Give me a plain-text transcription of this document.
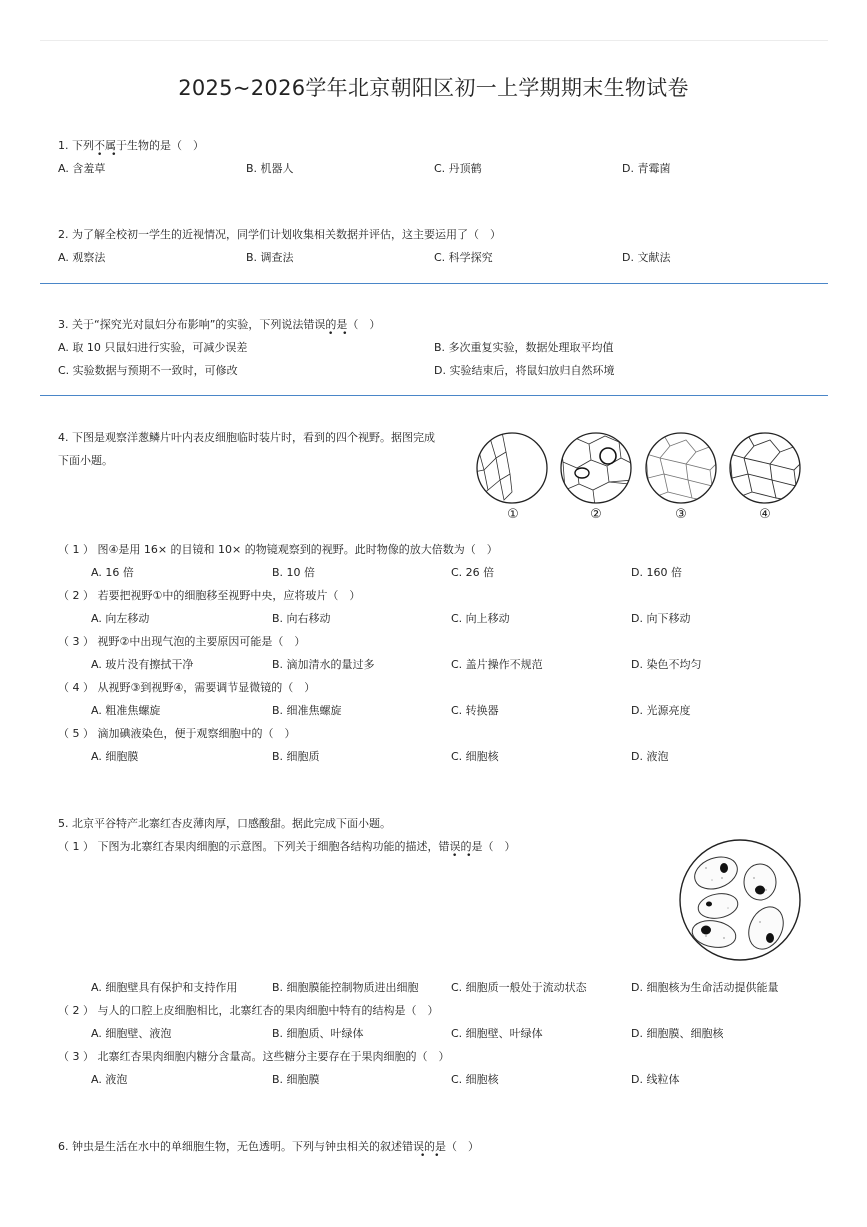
2025~2026学年北京朝阳区初一上学期期末生物试卷
1. 下列不属于生物的是（　）
• •
A. 含羞草	B. 机器人	C. 丹顶鹤	D. 青霉菌
2. 为了解全校初一学生的近视情况，同学们计划收集相关数据并评估，这主要运用了（　）
A. 观察法	B. 调查法	C. 科学探究	D. 文献法
3. 关于“探究光对鼠妇分布影响”的实验，下列说法错误的是（　）
• •
A. 取 10 只鼠妇进行实验，可减少误差	B. 多次重复实验，数据处理取平均值
C. 实验数据与预期不一致时，可修改	D. 实验结束后，将鼠妇放归自然环境
4. 下图是观察洋葱鳞片叶内表皮细胞临时装片时，看到的四个视野。据图完成
下面小题。
①	②	③	④
（ 1 ） 图④是用 16× 的目镜和 10× 的物镜观察到的视野。此时物像的放大倍数为（　）
A. 16 倍	B. 10 倍	C. 26 倍	D. 160 倍
（ 2 ） 若要把视野①中的细胞移至视野中央，应将玻片（　）
A. 向左移动	B. 向右移动	C. 向上移动	D. 向下移动
（ 3 ） 视野②中出现气泡的主要原因可能是（　）
A. 玻片没有擦拭干净	B. 滴加清水的量过多	C. 盖片操作不规范	D. 染色不均匀
（ 4 ） 从视野③到视野④，需要调节显微镜的（　）
A. 粗准焦螺旋	B. 细准焦螺旋	C. 转换器	D. 光源亮度
（ 5 ） 滴加碘液染色，便于观察细胞中的（　）
A. 细胞膜	B. 细胞质	C. 细胞核	D. 液泡
5. 北京平谷特产北寨红杏皮薄肉厚，口感酸甜。据此完成下面小题。
（ 1 ） 下图为北寨红杏果肉细胞的示意图。下列关于细胞各结构功能的描述，错误的是（　）
• •
A. 细胞壁具有保护和支持作用	B. 细胞膜能控制物质进出细胞	C. 细胞质一般处于流动状态	D. 细胞核为生命活动提供能量
（ 2 ） 与人的口腔上皮细胞相比，北寨红杏的果肉细胞中特有的结构是（　）
A. 细胞壁、液泡	B. 细胞质、叶绿体	C. 细胞壁、叶绿体	D. 细胞膜、细胞核
（ 3 ） 北寨红杏果肉细胞内糖分含量高。这些糖分主要存在于果肉细胞的（　）
A. 液泡	B. 细胞膜	C. 细胞核	D. 线粒体
6. 钟虫是生活在水中的单细胞生物，无色透明。下列与钟虫相关的叙述错误的是（　）
• •
